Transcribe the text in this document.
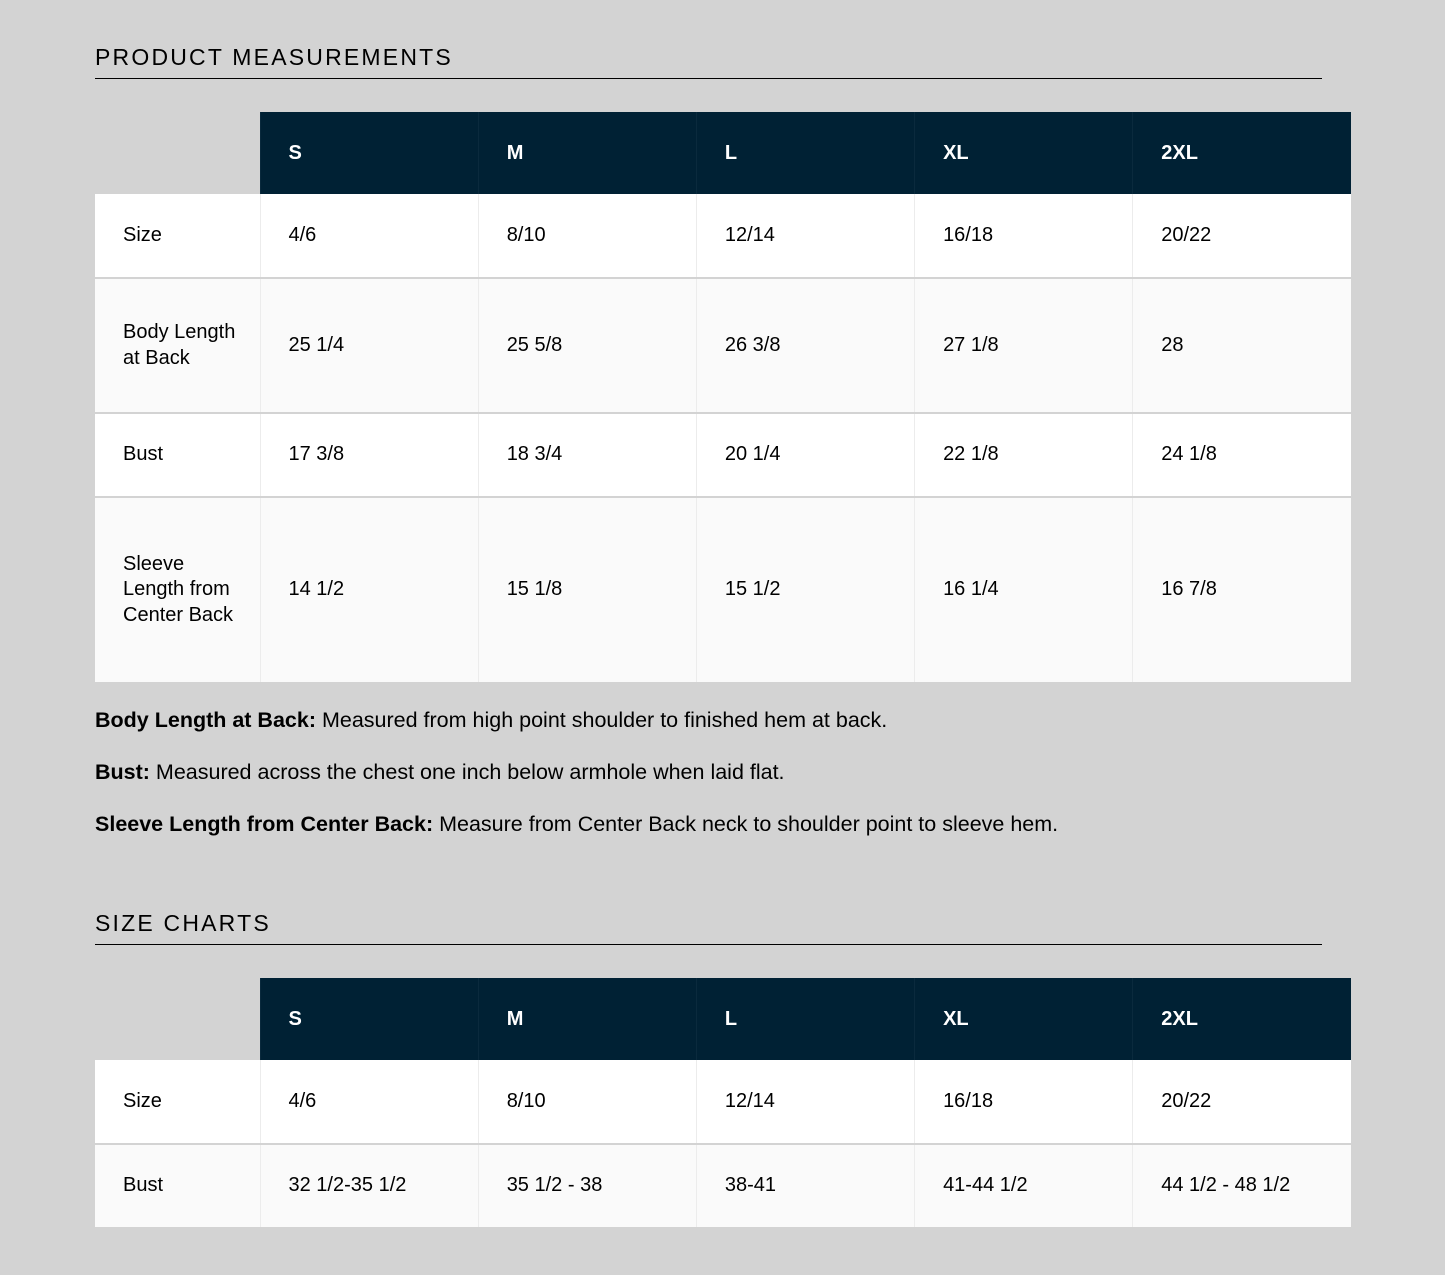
PRODUCT MEASUREMENTS
	S	M	L	XL	2XL
Size	4/6	8/10	12/14	16/18	20/22
Body Length at Back	25 1/4	25 5/8	26 3/8	27 1/8	28
Bust	17 3/8	18 3/4	20 1/4	22 1/8	24 1/8
Sleeve Length from Center Back	14 1/2	15 1/8	15 1/2	16 1/4	16 7/8

Body Length at Back: Measured from high point shoulder to finished hem at back.

Bust: Measured across the chest one inch below armhole when laid flat.

Sleeve Length from Center Back: Measure from Center Back neck to shoulder point to sleeve hem.

SIZE CHARTS
	S	M	L	XL	2XL
Size	4/6	8/10	12/14	16/18	20/22
Bust	32 1/2-35 1/2	35 1/2 - 38	38-41	41-44 1/2	44 1/2 - 48 1/2
